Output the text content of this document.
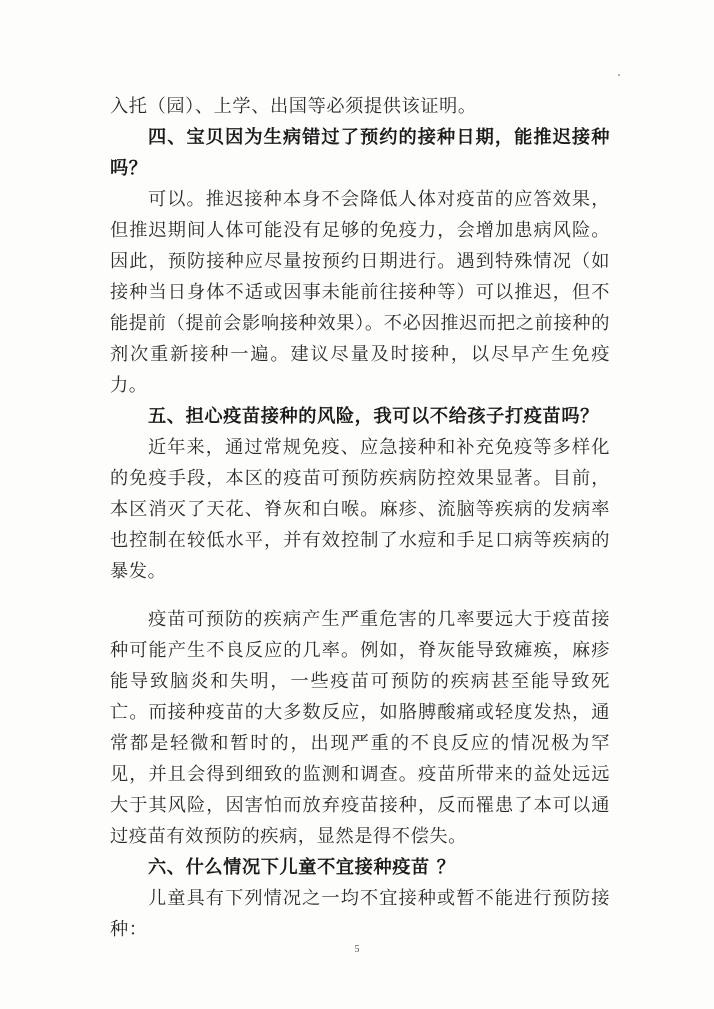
入托（园）、上学、出国等必须提供该证明。

四、宝贝因为生病错过了预约的接种日期，能推迟接种吗？

可以。推迟接种本身不会降低人体对疫苗的应答效果，但推迟期间人体可能没有足够的免疫力，会增加患病风险。因此，预防接种应尽量按预约日期进行。遇到特殊情况（如接种当日身体不适或因事未能前往接种等）可以推迟，但不能提前（提前会影响接种效果）。不必因推迟而把之前接种的剂次重新接种一遍。建议尽量及时接种，以尽早产生免疫力。

五、担心疫苗接种的风险，我可以不给孩子打疫苗吗？

近年来，通过常规免疫、应急接种和补充免疫等多样化的免疫手段，本区的疫苗可预防疾病防控效果显著。目前，本区消灭了天花、脊灰和白喉。麻疹、流脑等疾病的发病率也控制在较低水平，并有效控制了水痘和手足口病等疾病的暴发。

疫苗可预防的疾病产生严重危害的几率要远大于疫苗接种可能产生不良反应的几率。例如，脊灰能导致瘫痪，麻疹能导致脑炎和失明，一些疫苗可预防的疾病甚至能导致死亡。而接种疫苗的大多数反应，如胳膊酸痛或轻度发热，通常都是轻微和暂时的，出现严重的不良反应的情况极为罕见，并且会得到细致的监测和调查。疫苗所带来的益处远远大于其风险，因害怕而放弃疫苗接种，反而罹患了本可以通过疫苗有效预防的疾病，显然是得不偿失。

六、什么情况下儿童不宜接种疫苗 ？

儿童具有下列情况之一均不宜接种或暂不能进行预防接种：

5
